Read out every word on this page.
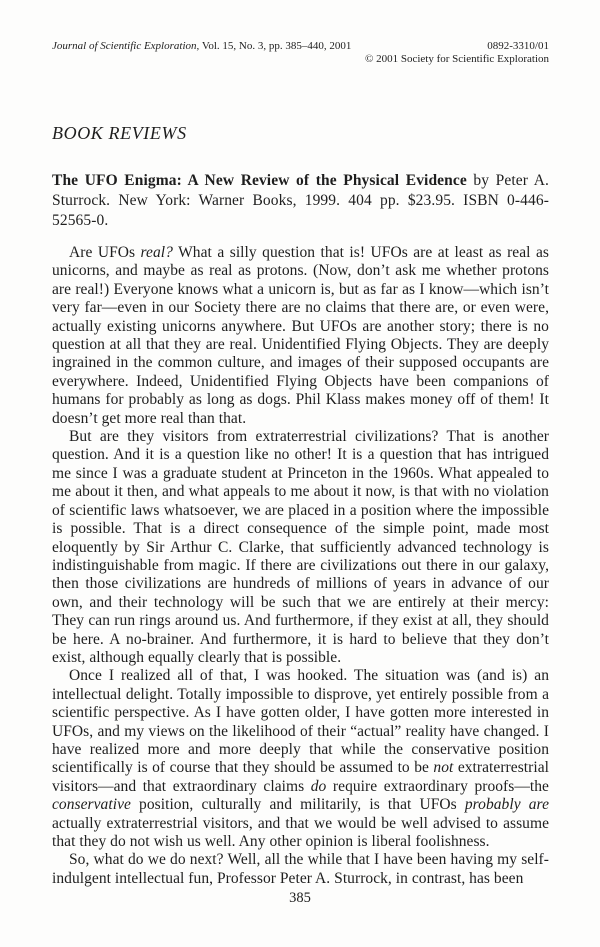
Journal of Scientific Exploration, Vol. 15, No. 3, pp. 385–440, 2001	0892-3310/01
© 2001 Society for Scientific Exploration
BOOK REVIEWS

The UFO Enigma: A New Review of the Physical Evidence by Peter A. Sturrock. New York: Warner Books, 1999. 404 pp. $23.95. ISBN 0-446-52565-0.

Are UFOs real? What a silly question that is! UFOs are at least as real as unicorns, and maybe as real as protons. (Now, don’t ask me whether protons are real!) Everyone knows what a unicorn is, but as far as I know—which isn’t very far—even in our Society there are no claims that there are, or even were, actually existing unicorns anywhere. But UFOs are another story; there is no question at all that they are real. Unidentified Flying Objects. They are deeply ingrained in the common culture, and images of their supposed occupants are everywhere. Indeed, Unidentified Flying Objects have been companions of humans for probably as long as dogs. Phil Klass makes money off of them! It doesn’t get more real than that.

But are they visitors from extraterrestrial civilizations? That is another question. And it is a question like no other! It is a question that has intrigued me since I was a graduate student at Princeton in the 1960s. What appealed to me about it then, and what appeals to me about it now, is that with no violation of scientific laws whatsoever, we are placed in a position where the impossible is possible. That is a direct consequence of the simple point, made most eloquently by Sir Arthur C. Clarke, that sufficiently advanced technology is indistinguishable from magic. If there are civilizations out there in our galaxy, then those civilizations are hundreds of millions of years in advance of our own, and their technology will be such that we are entirely at their mercy: They can run rings around us. And furthermore, if they exist at all, they should be here. A no-brainer. And furthermore, it is hard to believe that they don’t exist, although equally clearly that is possible.

Once I realized all of that, I was hooked. The situation was (and is) an intellectual delight. Totally impossible to disprove, yet entirely possible from a scientific perspective. As I have gotten older, I have gotten more interested in UFOs, and my views on the likelihood of their “actual” reality have changed. I have realized more and more deeply that while the conservative position scientifically is of course that they should be assumed to be not extraterrestrial visitors—and that extraordinary claims do require extraordinary proofs—the conservative position, culturally and militarily, is that UFOs probably are actually extraterrestrial visitors, and that we would be well advised to assume that they do not wish us well. Any other opinion is liberal foolishness.

So, what do we do next? Well, all the while that I have been having my self-indulgent intellectual fun, Professor Peter A. Sturrock, in contrast, has been

385
